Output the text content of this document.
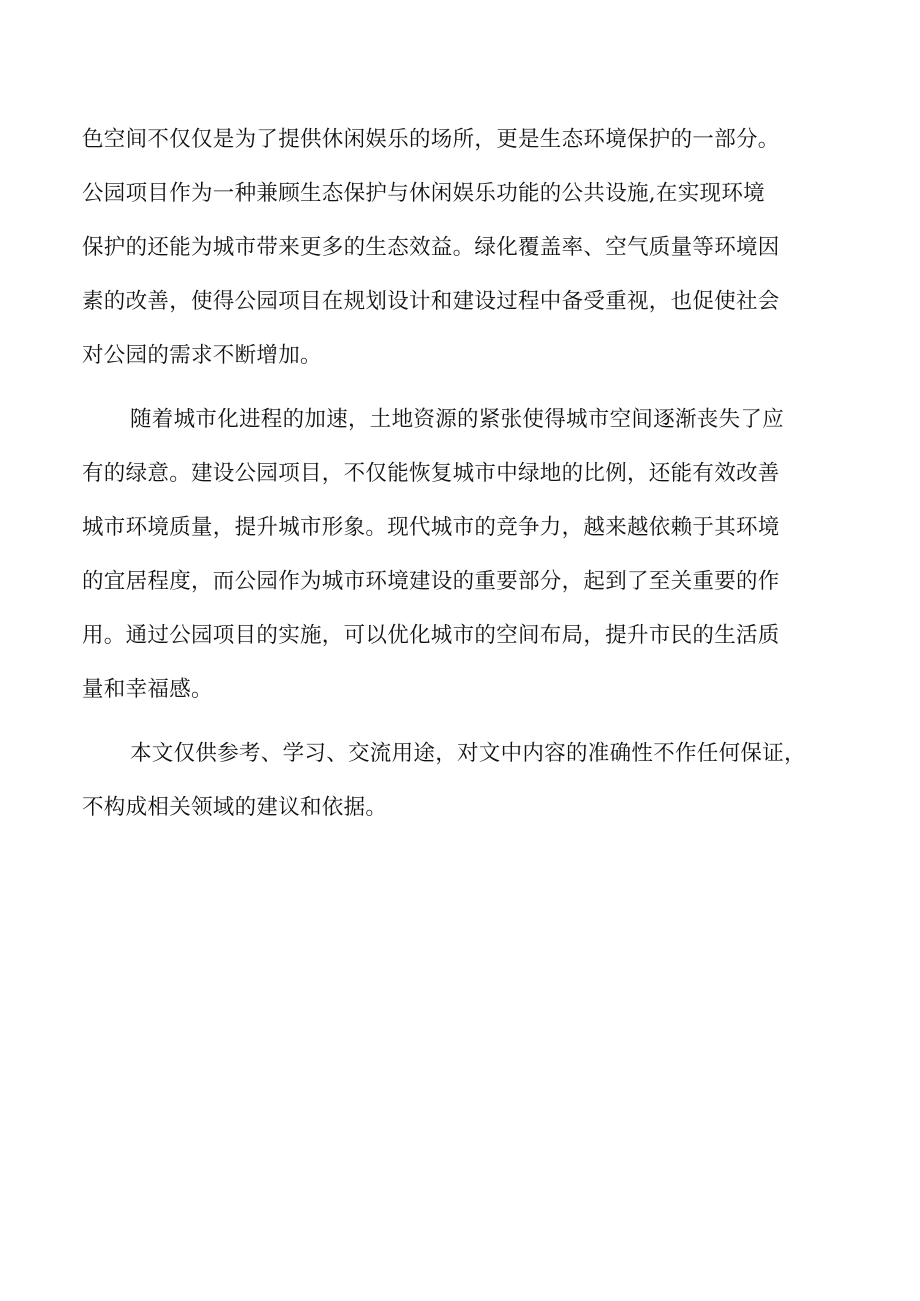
色空间不仅仅是为了提供休闲娱乐的场所，更是生态环境保护的一部分。
公园项目作为一种兼顾生态保护与休闲娱乐功能的公共设施,在实现环境
保护的还能为城市带来更多的生态效益。绿化覆盖率、空气质量等环境因
素的改善，使得公园项目在规划设计和建设过程中备受重视，也促使社会
对公园的需求不断增加。
随着城市化进程的加速，土地资源的紧张使得城市空间逐渐丧失了应
有的绿意。建设公园项目，不仅能恢复城市中绿地的比例，还能有效改善
城市环境质量，提升城市形象。现代城市的竞争力，越来越依赖于其环境
的宜居程度，而公园作为城市环境建设的重要部分，起到了至关重要的作
用。通过公园项目的实施，可以优化城市的空间布局，提升市民的生活质
量和幸福感。
本文仅供参考、学习、交流用途，对文中内容的准确性不作任何保证，
不构成相关领域的建议和依据。
